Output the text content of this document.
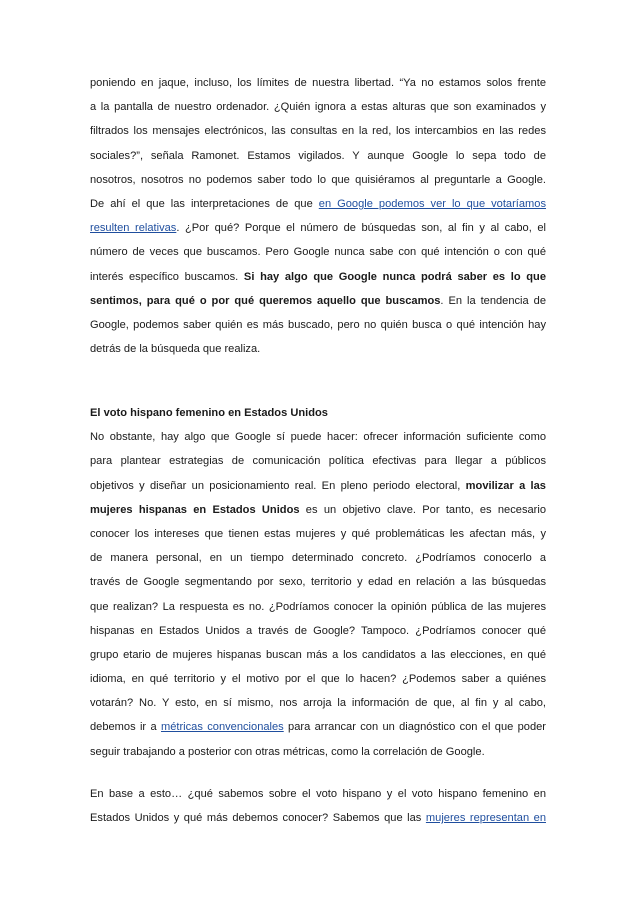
poniendo en jaque, incluso, los límites de nuestra libertad. “Ya no estamos solos frente
a la pantalla de nuestro ordenador. ¿Quién ignora a estas alturas que son examinados y
filtrados los mensajes electrónicos, las consultas en la red, los intercambios en las redes
sociales?”, señala Ramonet. Estamos vigilados. Y aunque Google lo sepa todo de
nosotros, nosotros no podemos saber todo lo que quisiéramos al preguntarle a Google.
De ahí el que las interpretaciones de que en Google podemos ver lo que votaríamos
resulten relativas. ¿Por qué? Porque el número de búsquedas son, al fin y al cabo, el
número de veces que buscamos. Pero Google nunca sabe con qué intención o con qué
interés específico buscamos. Si hay algo que Google nunca podrá saber es lo que
sentimos, para qué o por qué queremos aquello que buscamos. En la tendencia de
Google, podemos saber quién es más buscado, pero no quién busca o qué intención hay
detrás de la búsqueda que realiza.
El voto hispano femenino en Estados Unidos
No obstante, hay algo que Google sí puede hacer: ofrecer información suficiente como
para plantear estrategias de comunicación política efectivas para llegar a públicos
objetivos y diseñar un posicionamiento real. En pleno periodo electoral, movilizar a las
mujeres hispanas en Estados Unidos es un objetivo clave. Por tanto, es necesario
conocer los intereses que tienen estas mujeres y qué problemáticas les afectan más, y
de manera personal, en un tiempo determinado concreto. ¿Podríamos conocerlo a
través de Google segmentando por sexo, territorio y edad en relación a las búsquedas
que realizan? La respuesta es no. ¿Podríamos conocer la opinión pública de las mujeres
hispanas en Estados Unidos a través de Google? Tampoco. ¿Podríamos conocer qué
grupo etario de mujeres hispanas buscan más a los candidatos a las elecciones, en qué
idioma, en qué territorio y el motivo por el que lo hacen? ¿Podemos saber a quiénes
votarán? No. Y esto, en sí mismo, nos arroja la información de que, al fin y al cabo,
debemos ir a métricas convencionales para arrancar con un diagnóstico con el que poder
seguir trabajando a posterior con otras métricas, como la correlación de Google.
En base a esto… ¿qué sabemos sobre el voto hispano y el voto hispano femenino en
Estados Unidos y qué más debemos conocer? Sabemos que las mujeres representan en
